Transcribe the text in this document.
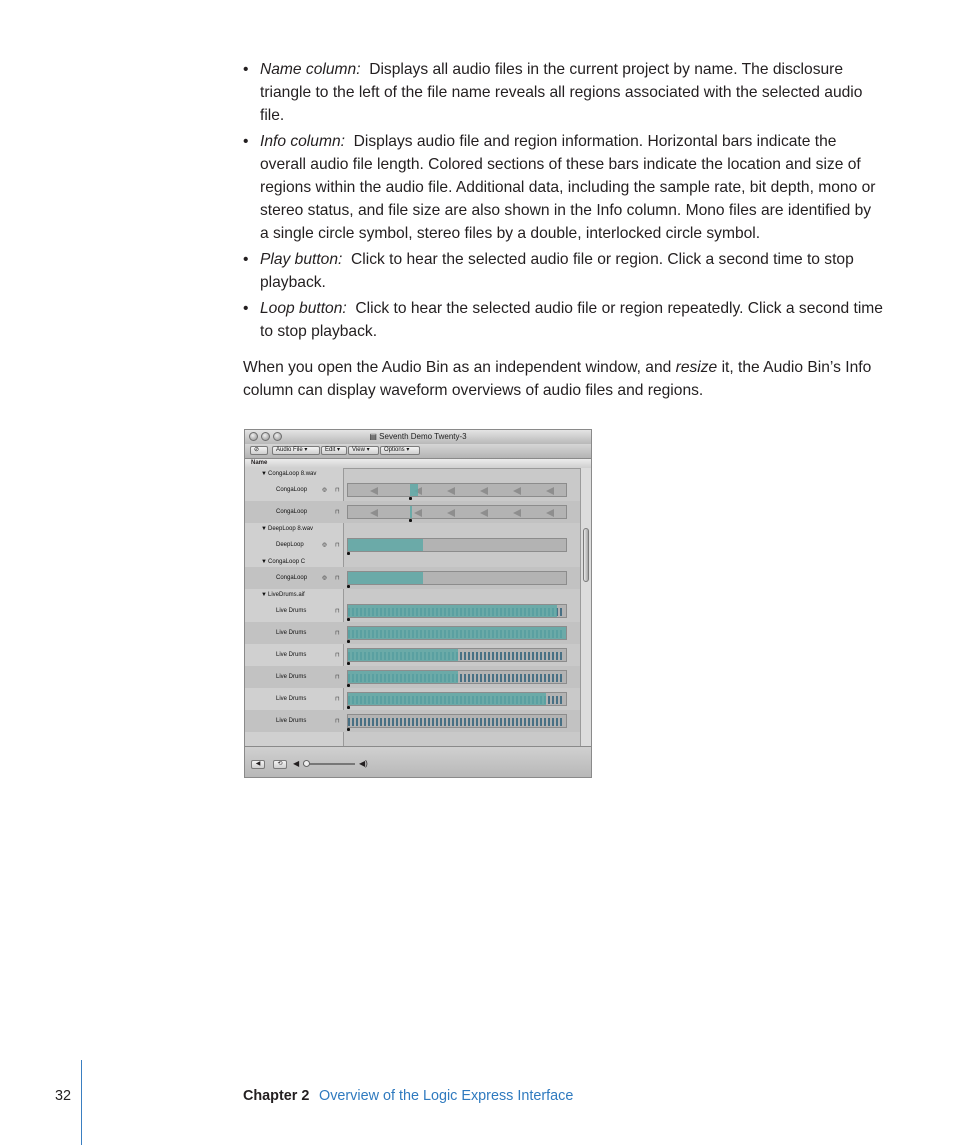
• Name column: Displays all audio files in the current project by name. The disclosure triangle to the left of the file name reveals all regions associated with the selected audio file.
• Info column: Displays audio file and region information. Horizontal bars indicate the overall audio file length. Colored sections of these bars indicate the location and size of regions within the audio file. Additional data, including the sample rate, bit depth, mono or stereo status, and file size are also shown in the Info column. Mono files are identified by a single circle symbol, stereo files by a double, interlocked circle symbol.
• Play button: Click to hear the selected audio file or region. Click a second time to stop playback.
• Loop button: Click to hear the selected audio file or region repeatedly. Click a second time to stop playback.
When you open the Audio Bin as an independent window, and resize it, the Audio Bin’s Info column can display waveform overviews of audio files and regions.
▤ Seventh Demo Twenty-3
⊘	Audio File ▾	Edit ▾	View ▾	Options ▾
Name
▼ CongaLoop 8.wav
CongaLoop ⊚ ⊓
CongaLoop	⊓
▼ DeepLoop 8.wav
DeepLoop	⊚ ⊓
▼ CongaLoop C
CongaLoop ⊚ ⊓
▼ LiveDrums.aif
Live Drums	⊓
Live Drums	⊓
Live Drums	⊓
Live Drums	⊓
Live Drums	⊓
Live Drums	⊓
◀	⟲	◀	◀)
32	Chapter 2 Overview of the Logic Express Interface
